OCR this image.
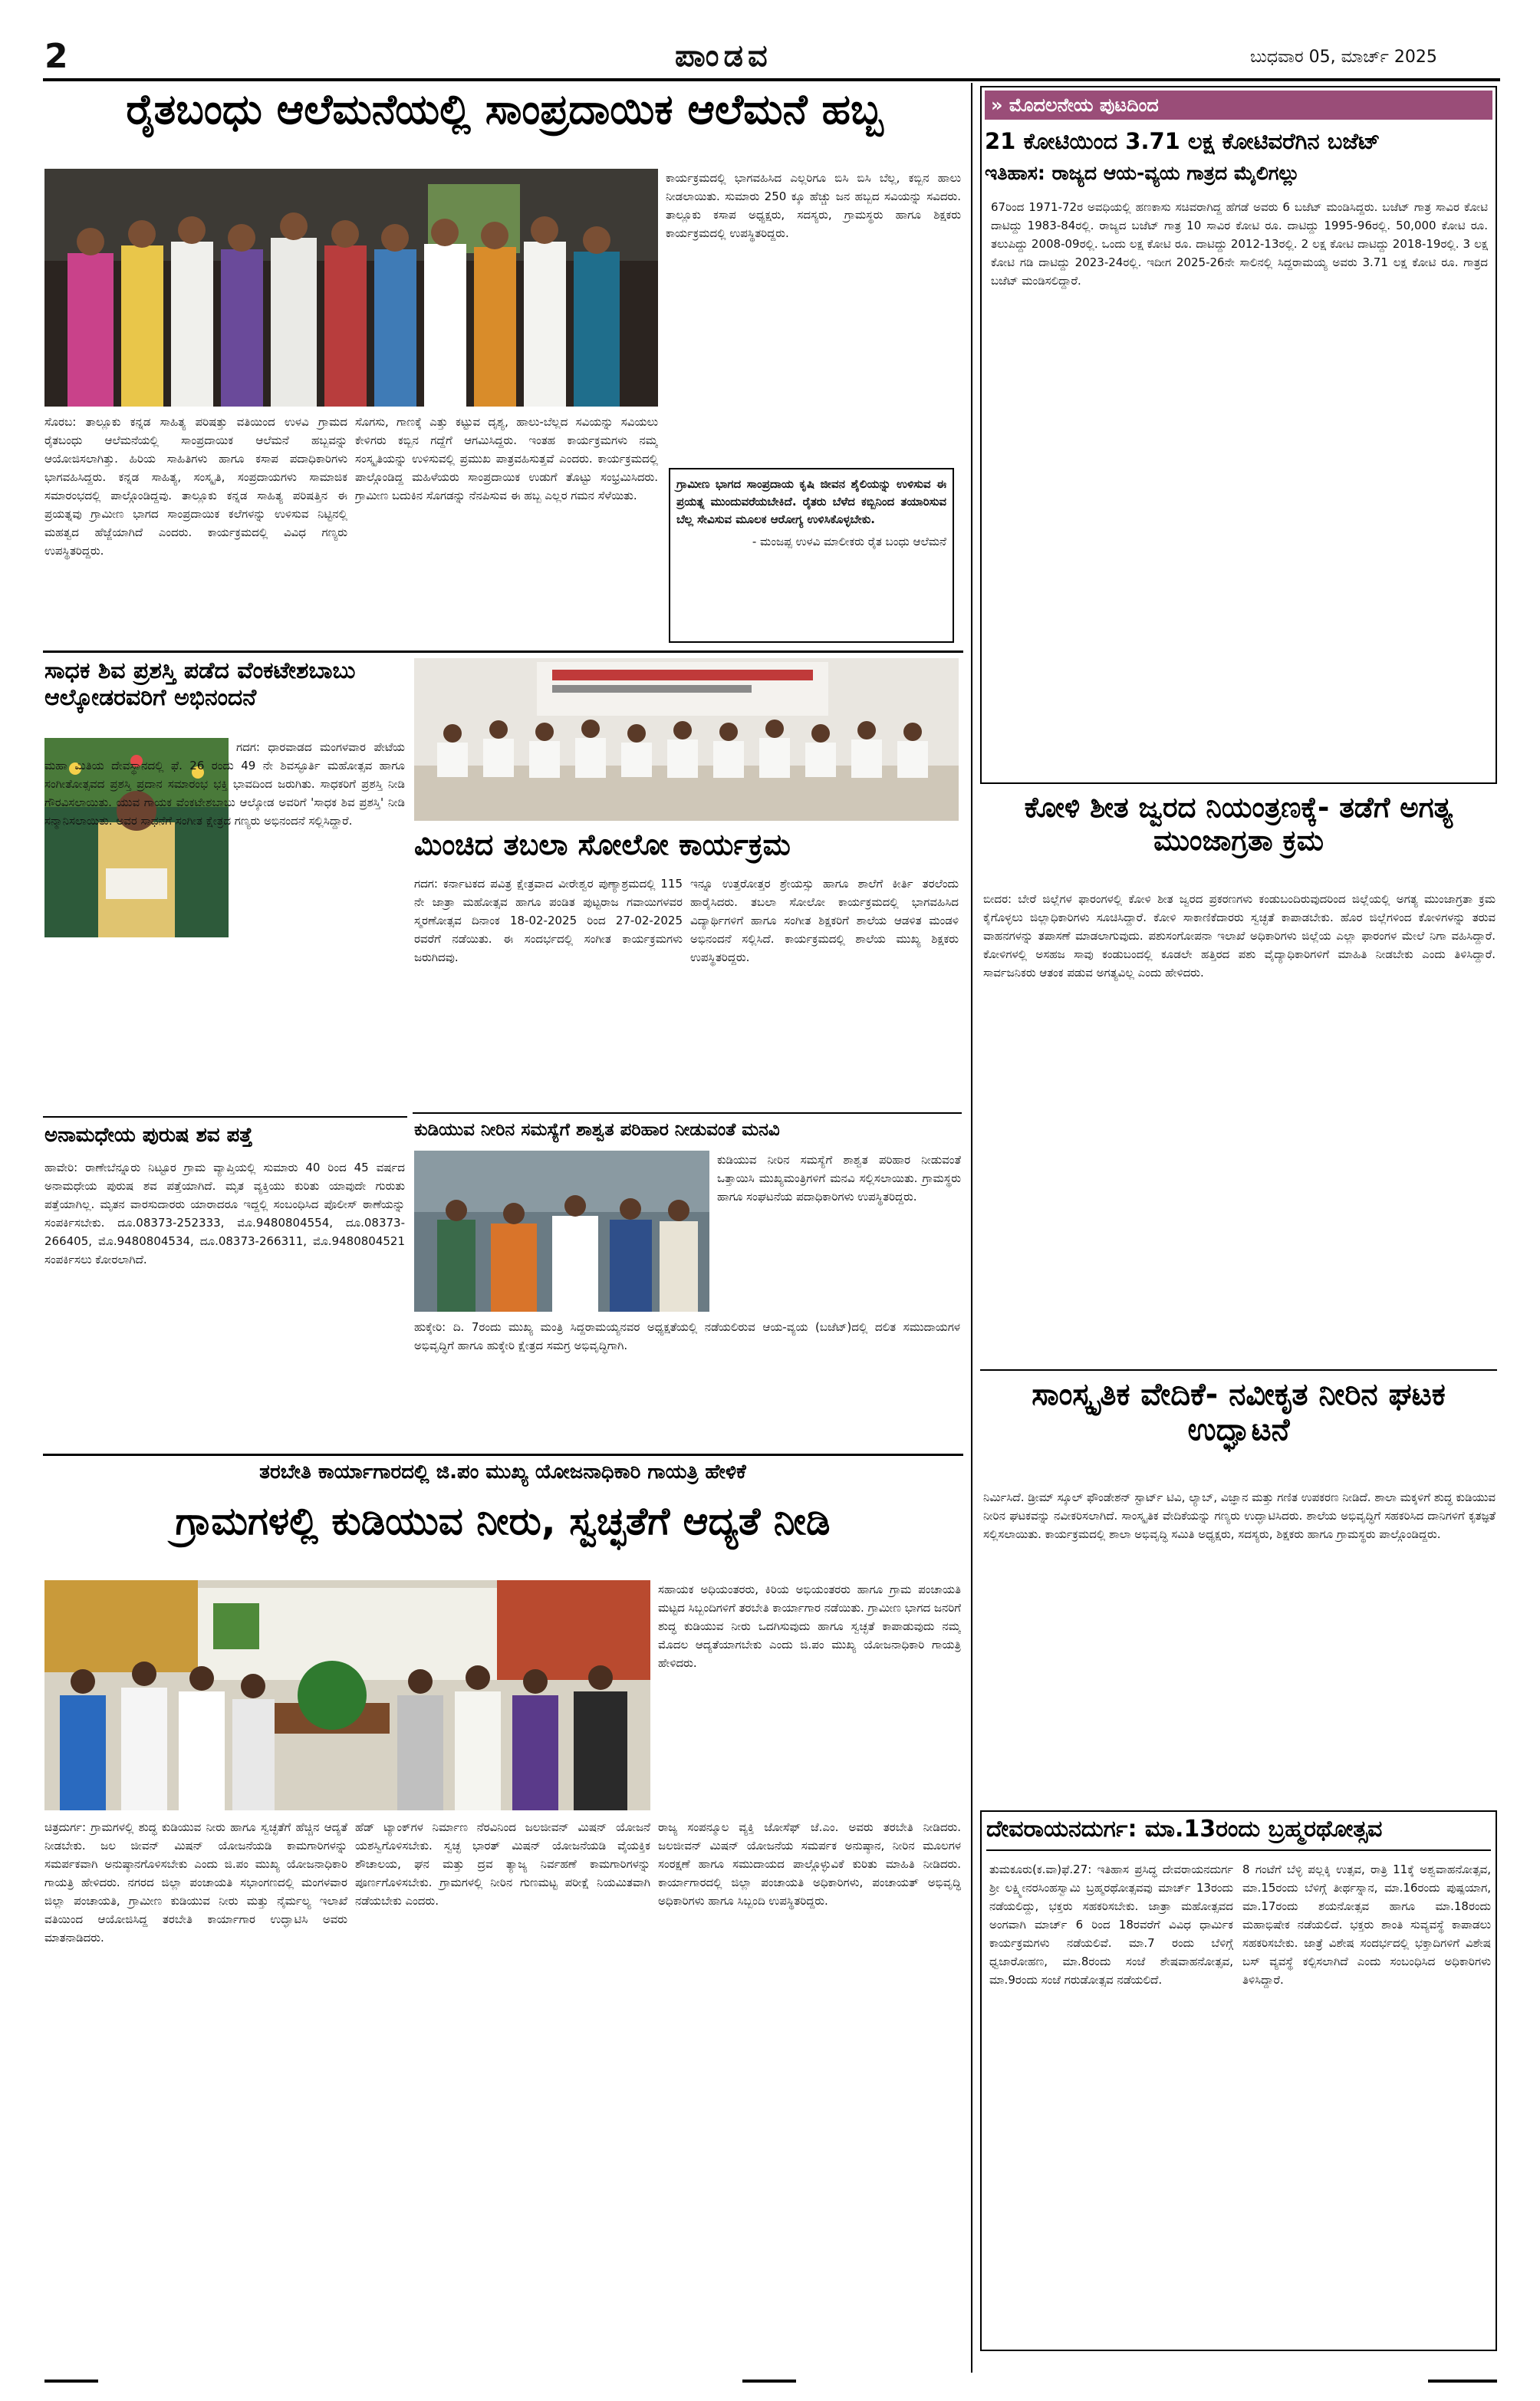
2	ಪಾಂಡವ	ಬುಧವಾರ 05, ಮಾರ್ಚ್ 2025
ರೈತಬಂಧು ಆಲೆಮನೆಯಲ್ಲಿ ಸಾಂಪ್ರದಾಯಿಕ ಆಲೆಮನೆ ಹಬ್ಬ
ಸೊರಬ: ತಾಲ್ಲೂಕು ಕನ್ನಡ ಸಾಹಿತ್ಯ ಪರಿಷತ್ತು ವತಿಯಿಂದ ಉಳವಿ ಗ್ರಾಮದ ರೈತಬಂಧು ಆಲೆಮನೆಯಲ್ಲಿ ಸಾಂಪ್ರದಾಯಿಕ ಆಲೆಮನೆ ಹಬ್ಬವನ್ನು ಆಯೋಜಿಸಲಾಗಿತ್ತು. ಹಿರಿಯ ಸಾಹಿತಿಗಳು ಹಾಗೂ ಕಸಾಪ ಪದಾಧಿಕಾರಿಗಳು ಭಾಗವಹಿಸಿದ್ದರು. ಕನ್ನಡ ಸಾಹಿತ್ಯ, ಸಂಸ್ಕೃತಿ, ಸಂಪ್ರದಾಯಗಳು ಸಾಮಾಜಿಕ ಸಮಾರಂಭದಲ್ಲಿ ಪಾಲ್ಗೊಂಡಿದ್ದವು. ತಾಲ್ಲೂಕು ಕನ್ನಡ ಸಾಹಿತ್ಯ ಪರಿಷತ್ತಿನ ಈ ಪ್ರಯತ್ನವು ಗ್ರಾಮೀಣ ಭಾಗದ ಸಾಂಪ್ರದಾಯಿಕ ಕಲೆಗಳನ್ನು ಉಳಿಸುವ ನಿಟ್ಟಿನಲ್ಲಿ ಮಹತ್ವದ ಹೆಜ್ಜೆಯಾಗಿದೆ ಎಂದರು. ಕಾರ್ಯಕ್ರಮದಲ್ಲಿ ವಿವಿಧ ಗಣ್ಯರು ಉಪಸ್ಥಿತರಿದ್ದರು.
ಸೊಗಸು, ಗಾಣಕ್ಕೆ ಎತ್ತು ಕಟ್ಟುವ ದೃಶ್ಯ, ಹಾಲು-ಬೆಲ್ಲದ ಸವಿಯನ್ನು ಸವಿಯಲು ಕೇಳಿಗರು ಕಬ್ಬಿನ ಗದ್ದೆಗೆ ಆಗಮಿಸಿದ್ದರು. ಇಂತಹ ಕಾರ್ಯಕ್ರಮಗಳು ನಮ್ಮ ಸಂಸ್ಕೃತಿಯನ್ನು ಉಳಿಸುವಲ್ಲಿ ಪ್ರಮುಖ ಪಾತ್ರವಹಿಸುತ್ತವೆ ಎಂದರು. ಕಾರ್ಯಕ್ರಮದಲ್ಲಿ ಪಾಲ್ಗೊಂಡಿದ್ದ ಮಹಿಳೆಯರು ಸಾಂಪ್ರದಾಯಿಕ ಉಡುಗೆ ತೊಟ್ಟು ಸಂಭ್ರಮಿಸಿದರು. ಗ್ರಾಮೀಣ ಬದುಕಿನ ಸೊಗಡನ್ನು ನೆನಪಿಸುವ ಈ ಹಬ್ಬ ಎಲ್ಲರ ಗಮನ ಸೆಳೆಯಿತು.
ಕಾರ್ಯಕ್ರಮದಲ್ಲಿ ಭಾಗವಹಿಸಿದ ಎಲ್ಲರಿಗೂ ಬಿಸಿ ಬಿಸಿ ಬೆಲ್ಲ, ಕಬ್ಬಿನ ಹಾಲು ನೀಡಲಾಯಿತು. ಸುಮಾರು 250 ಕ್ಕೂ ಹೆಚ್ಚು ಜನ ಹಬ್ಬದ ಸವಿಯನ್ನು ಸವಿದರು. ತಾಲ್ಲೂಕು ಕಸಾಪ ಅಧ್ಯಕ್ಷರು, ಸದಸ್ಯರು, ಗ್ರಾಮಸ್ಥರು ಹಾಗೂ ಶಿಕ್ಷಕರು ಕಾರ್ಯಕ್ರಮದಲ್ಲಿ ಉಪಸ್ಥಿತರಿದ್ದರು.
ಗ್ರಾಮೀಣ ಭಾಗದ ಸಾಂಪ್ರದಾಯ ಕೃಷಿ ಜೀವನ ಶೈಲಿಯನ್ನು ಉಳಿಸುವ ಈ ಪ್ರಯತ್ನ ಮುಂದುವರೆಯಬೇಕಿದೆ. ರೈತರು ಬೆಳೆದ ಕಬ್ಬಿನಿಂದ ತಯಾರಿಸುವ ಬೆಲ್ಲ ಸೇವಿಸುವ ಮೂಲಕ ಆರೋಗ್ಯ ಉಳಿಸಿಕೊಳ್ಳಬೇಕು.
- ಮಂಜಪ್ಪ ಉಳವಿ ಮಾಲೀಕರು ರೈತ ಬಂಧು ಆಲೆಮನೆ
ಸಾಧಕ ಶಿವ ಪ್ರಶಸ್ತಿ ಪಡೆದ ವೆಂಕಟೇಶಬಾಬು ಆಲ್ಕೋಡರವರಿಗೆ ಅಭಿನಂದನೆ
ಗದಗ: ಧಾರವಾಡದ ಮಂಗಳವಾರ ಪೇಟೆಯ ಮಹಾ ಮಿತಿಯ ದೇವಸ್ಥಾನದಲ್ಲಿ ಫೆ. 26 ರಂದು 49 ನೇ ಶಿವಸ್ಫೂರ್ತಿ ಮಹೋತ್ಸವ ಹಾಗೂ ಸಂಗೀತೋತ್ಸವದ ಪ್ರಶಸ್ತಿ ಪ್ರದಾನ ಸಮಾರಂಭ ಭಕ್ತಿ ಭಾವದಿಂದ ಜರುಗಿತು. ಸಾಧಕರಿಗೆ ಪ್ರಶಸ್ತಿ ನೀಡಿ ಗೌರವಿಸಲಾಯಿತು. ಯುವ ಗಾಯಕ ವೆಂಕಟೇಶಬಾಬು ಆಲ್ಕೋಡ ಅವರಿಗೆ 'ಸಾಧಕ ಶಿವ ಪ್ರಶಸ್ತಿ' ನೀಡಿ ಸನ್ಮಾನಿಸಲಾಯಿತು. ಅವರ ಸಾಧನೆಗೆ ಸಂಗೀತ ಕ್ಷೇತ್ರದ ಗಣ್ಯರು ಅಭಿನಂದನೆ ಸಲ್ಲಿಸಿದ್ದಾರೆ.
ಮಿಂಚಿದ ತಬಲಾ ಸೋಲೋ ಕಾರ್ಯಕ್ರಮ
ಗದಗ: ಕರ್ನಾಟಕದ ಪವಿತ್ರ ಕ್ಷೇತ್ರವಾದ ವೀರೇಶ್ವರ ಪುಣ್ಯಾಶ್ರಮದಲ್ಲಿ 115 ನೇ ಜಾತ್ರಾ ಮಹೋತ್ಸವ ಹಾಗೂ ಪಂಡಿತ ಪುಟ್ಟರಾಜ ಗವಾಯಿಗಳವರ ಸ್ಮರಣೋತ್ಸವ ದಿನಾಂಕ 18-02-2025 ರಿಂದ 27-02-2025 ರವರೆಗೆ ನಡೆಯಿತು. ಈ ಸಂದರ್ಭದಲ್ಲಿ ಸಂಗೀತ ಕಾರ್ಯಕ್ರಮಗಳು ಜರುಗಿದವು.
ಇನ್ನೂ ಉತ್ತರೋತ್ತರ ಶ್ರೇಯಸ್ಸು ಹಾಗೂ ಶಾಲೆಗೆ ಕೀರ್ತಿ ತರಲೆಂದು ಹಾರೈಸಿದರು. ತಬಲಾ ಸೋಲೋ ಕಾರ್ಯಕ್ರಮದಲ್ಲಿ ಭಾಗವಹಿಸಿದ ವಿದ್ಯಾರ್ಥಿಗಳಿಗೆ ಹಾಗೂ ಸಂಗೀತ ಶಿಕ್ಷಕರಿಗೆ ಶಾಲೆಯ ಆಡಳಿತ ಮಂಡಳಿ ಅಭಿನಂದನೆ ಸಲ್ಲಿಸಿದೆ. ಕಾರ್ಯಕ್ರಮದಲ್ಲಿ ಶಾಲೆಯ ಮುಖ್ಯ ಶಿಕ್ಷಕರು ಉಪಸ್ಥಿತರಿದ್ದರು.
ಅನಾಮಧೇಯ ಪುರುಷ ಶವ ಪತ್ತೆ
ಹಾವೇರಿ: ರಾಣೇಬೆನ್ನೂರು ನಿಟ್ಟೂರ ಗ್ರಾಮ ವ್ಯಾಪ್ತಿಯಲ್ಲಿ ಸುಮಾರು 40 ರಿಂದ 45 ವರ್ಷದ ಅನಾಮಧೇಯ ಪುರುಷ ಶವ ಪತ್ತೆಯಾಗಿದೆ. ಮೃತ ವ್ಯಕ್ತಿಯು ಕುರಿತು ಯಾವುದೇ ಗುರುತು ಪತ್ತೆಯಾಗಿಲ್ಲ. ಮೃತನ ವಾರಸುದಾರರು ಯಾರಾದರೂ ಇದ್ದಲ್ಲಿ ಸಂಬಂಧಿಸಿದ ಪೊಲೀಸ್ ಠಾಣೆಯನ್ನು ಸಂಪರ್ಕಿಸಬೇಕು. ದೂ.08373-252333, ಮೊ.9480804554, ದೂ.08373-266405, ಮೊ.9480804534, ದೂ.08373-266311, ಮೊ.9480804521 ಸಂಪರ್ಕಿಸಲು ಕೋರಲಾಗಿದೆ.
ಕುಡಿಯುವ ನೀರಿನ ಸಮಸ್ಯೆಗೆ ಶಾಶ್ವತ ಪರಿಹಾರ ನೀಡುವಂತೆ ಮನವಿ
ಕುಡಿಯುವ ನೀರಿನ ಸಮಸ್ಯೆಗೆ ಶಾಶ್ವತ ಪರಿಹಾರ ನೀಡುವಂತೆ ಒತ್ತಾಯಿಸಿ ಮುಖ್ಯಮಂತ್ರಿಗಳಿಗೆ ಮನವಿ ಸಲ್ಲಿಸಲಾಯಿತು. ಗ್ರಾಮಸ್ಥರು ಹಾಗೂ ಸಂಘಟನೆಯ ಪದಾಧಿಕಾರಿಗಳು ಉಪಸ್ಥಿತರಿದ್ದರು.
ಹುಕ್ಕೇರಿ: ದಿ. 7ರಂದು ಮುಖ್ಯ ಮಂತ್ರಿ ಸಿದ್ದರಾಮಯ್ಯನವರ ಅಧ್ಯಕ್ಷತೆಯಲ್ಲಿ ನಡೆಯಲಿರುವ ಆಯ-ವ್ಯಯ (ಬಜೆಟ್)ದಲ್ಲಿ ದಲಿತ ಸಮುದಾಯಗಳ ಅಭಿವೃದ್ಧಿಗೆ ಹಾಗೂ ಹುಕ್ಕೇರಿ ಕ್ಷೇತ್ರದ ಸಮಗ್ರ ಅಭಿವೃದ್ಧಿಗಾಗಿ.
ತರಬೇತಿ ಕಾರ್ಯಾಗಾರದಲ್ಲಿ ಜಿ.ಪಂ ಮುಖ್ಯ ಯೋಜನಾಧಿಕಾರಿ ಗಾಯತ್ರಿ ಹೇಳಿಕೆ
ಗ್ರಾಮಗಳಲ್ಲಿ ಕುಡಿಯುವ ನೀರು, ಸ್ವಚ್ಛತೆಗೆ ಆದ್ಯತೆ ನೀಡಿ
ಸಹಾಯಕ ಅಧಿಯಂತರರು, ಕಿರಿಯ ಅಭಿಯಂತರರು ಹಾಗೂ ಗ್ರಾಮ ಪಂಚಾಯತಿ ಮಟ್ಟದ ಸಿಬ್ಬಂದಿಗಳಿಗೆ ತರಬೇತಿ ಕಾರ್ಯಾಗಾರ ನಡೆಯಿತು. ಗ್ರಾಮೀಣ ಭಾಗದ ಜನರಿಗೆ ಶುದ್ಧ ಕುಡಿಯುವ ನೀರು ಒದಗಿಸುವುದು ಹಾಗೂ ಸ್ವಚ್ಛತೆ ಕಾಪಾಡುವುದು ನಮ್ಮ ಮೊದಲ ಆದ್ಯತೆಯಾಗಬೇಕು ಎಂದು ಜಿ.ಪಂ ಮುಖ್ಯ ಯೋಜನಾಧಿಕಾರಿ ಗಾಯತ್ರಿ ಹೇಳಿದರು.
ಚಿತ್ರದುರ್ಗ: ಗ್ರಾಮಗಳಲ್ಲಿ ಶುದ್ಧ ಕುಡಿಯುವ ನೀರು ಹಾಗೂ ಸ್ವಚ್ಛತೆಗೆ ಹೆಚ್ಚಿನ ಆದ್ಯತೆ ನೀಡಬೇಕು. ಜಲ ಜೀವನ್ ಮಿಷನ್ ಯೋಜನೆಯಡಿ ಕಾಮಗಾರಿಗಳನ್ನು ಸಮರ್ಪಕವಾಗಿ ಅನುಷ್ಠಾನಗೊಳಿಸಬೇಕು ಎಂದು ಜಿ.ಪಂ ಮುಖ್ಯ ಯೋಜನಾಧಿಕಾರಿ ಗಾಯತ್ರಿ ಹೇಳಿದರು. ನಗರದ ಜಿಲ್ಲಾ ಪಂಚಾಯತಿ ಸಭಾಂಗಣದಲ್ಲಿ ಮಂಗಳವಾರ ಜಿಲ್ಲಾ ಪಂಚಾಯತಿ, ಗ್ರಾಮೀಣ ಕುಡಿಯುವ ನೀರು ಮತ್ತು ನೈರ್ಮಲ್ಯ ಇಲಾಖೆ ವತಿಯಿಂದ ಆಯೋಜಿಸಿದ್ದ ತರಬೇತಿ ಕಾರ್ಯಾಗಾರ ಉದ್ಘಾಟಿಸಿ ಅವರು ಮಾತನಾಡಿದರು.
ಹೆಡ್ ಟ್ಯಾಂಕ್‌ಗಳ ನಿರ್ಮಾಣ ನೆರವಿನಿಂದ ಜಲಜೀವನ್ ಮಿಷನ್ ಯೋಜನೆ ಯಶಸ್ವಿಗೊಳಿಸಬೇಕು. ಸ್ವಚ್ಛ ಭಾರತ್ ಮಿಷನ್ ಯೋಜನೆಯಡಿ ವೈಯಕ್ತಿಕ ಶೌಚಾಲಯ, ಘನ ಮತ್ತು ದ್ರವ ತ್ಯಾಜ್ಯ ನಿರ್ವಹಣೆ ಕಾಮಗಾರಿಗಳನ್ನು ಪೂರ್ಣಗೊಳಿಸಬೇಕು. ಗ್ರಾಮಗಳಲ್ಲಿ ನೀರಿನ ಗುಣಮಟ್ಟ ಪರೀಕ್ಷೆ ನಿಯಮಿತವಾಗಿ ನಡೆಯಬೇಕು ಎಂದರು.
ರಾಜ್ಯ ಸಂಪನ್ಮೂಲ ವ್ಯಕ್ತಿ ಜೋಸೆಫ್ ಜೆ.ಎಂ. ಅವರು ತರಬೇತಿ ನೀಡಿದರು. ಜಲಜೀವನ್ ಮಿಷನ್ ಯೋಜನೆಯ ಸಮರ್ಪಕ ಅನುಷ್ಠಾನ, ನೀರಿನ ಮೂಲಗಳ ಸಂರಕ್ಷಣೆ ಹಾಗೂ ಸಮುದಾಯದ ಪಾಲ್ಗೊಳ್ಳುವಿಕೆ ಕುರಿತು ಮಾಹಿತಿ ನೀಡಿದರು. ಕಾರ್ಯಾಗಾರದಲ್ಲಿ ಜಿಲ್ಲಾ ಪಂಚಾಯತಿ ಅಧಿಕಾರಿಗಳು, ಪಂಚಾಯತ್ ಅಭಿವೃದ್ಧಿ ಅಧಿಕಾರಿಗಳು ಹಾಗೂ ಸಿಬ್ಬಂದಿ ಉಪಸ್ಥಿತರಿದ್ದರು.
» ಮೊದಲನೇಯ ಪುಟದಿಂದ
21 ಕೋಟಿಯಿಂದ 3.71 ಲಕ್ಷ ಕೋಟಿವರೆಗಿನ ಬಜೆಟ್
ಇತಿಹಾಸ: ರಾಜ್ಯದ ಆಯ-ವ್ಯಯ ಗಾತ್ರದ ಮೈಲಿಗಲ್ಲು
67ರಿಂದ 1971-72ರ ಅವಧಿಯಲ್ಲಿ ಹಣಕಾಸು ಸಚಿವರಾಗಿದ್ದ ಹೆಗಡೆ ಅವರು 6 ಬಜೆಟ್ ಮಂಡಿಸಿದ್ದರು. ಬಜೆಟ್ ಗಾತ್ರ ಸಾವಿರ ಕೋಟಿ ದಾಟಿದ್ದು 1983-84ರಲ್ಲಿ. ರಾಜ್ಯದ ಬಜೆಟ್ ಗಾತ್ರ 10 ಸಾವಿರ ಕೋಟಿ ರೂ. ದಾಟಿದ್ದು 1995-96ರಲ್ಲಿ. 50,000 ಕೋಟಿ ರೂ. ತಲುಪಿದ್ದು 2008-09ರಲ್ಲಿ. ಒಂದು ಲಕ್ಷ ಕೋಟಿ ರೂ. ದಾಟಿದ್ದು 2012-13ರಲ್ಲಿ. 2 ಲಕ್ಷ ಕೋಟಿ ದಾಟಿದ್ದು 2018-19ರಲ್ಲಿ. 3 ಲಕ್ಷ ಕೋಟಿ ಗಡಿ ದಾಟಿದ್ದು 2023-24ರಲ್ಲಿ. ಇದೀಗ 2025-26ನೇ ಸಾಲಿನಲ್ಲಿ ಸಿದ್ದರಾಮಯ್ಯ ಅವರು 3.71 ಲಕ್ಷ ಕೋಟಿ ರೂ. ಗಾತ್ರದ ಬಜೆಟ್ ಮಂಡಿಸಲಿದ್ದಾರೆ.
ಕೋಳಿ ಶೀತ ಜ್ವರದ ನಿಯಂತ್ರಣಕ್ಕೆ- ತಡೆಗೆ ಅಗತ್ಯ ಮುಂಜಾಗ್ರತಾ ಕ್ರಮ
ಬೀದರ: ಬೇರೆ ಜಿಲ್ಲೆಗಳ ಫಾರಂಗಳಲ್ಲಿ ಕೋಳಿ ಶೀತ ಜ್ವರದ ಪ್ರಕರಣಗಳು ಕಂಡುಬಂದಿರುವುದರಿಂದ ಜಿಲ್ಲೆಯಲ್ಲಿ ಅಗತ್ಯ ಮುಂಜಾಗ್ರತಾ ಕ್ರಮ ಕೈಗೊಳ್ಳಲು ಜಿಲ್ಲಾಧಿಕಾರಿಗಳು ಸೂಚಿಸಿದ್ದಾರೆ. ಕೋಳಿ ಸಾಕಾಣಿಕೆದಾರರು ಸ್ವಚ್ಛತೆ ಕಾಪಾಡಬೇಕು. ಹೊರ ಜಿಲ್ಲೆಗಳಿಂದ ಕೋಳಿಗಳನ್ನು ತರುವ ವಾಹನಗಳನ್ನು ತಪಾಸಣೆ ಮಾಡಲಾಗುವುದು. ಪಶುಸಂಗೋಪನಾ ಇಲಾಖೆ ಅಧಿಕಾರಿಗಳು ಜಿಲ್ಲೆಯ ಎಲ್ಲಾ ಫಾರಂಗಳ ಮೇಲೆ ನಿಗಾ ವಹಿಸಿದ್ದಾರೆ. ಕೋಳಿಗಳಲ್ಲಿ ಅಸಹಜ ಸಾವು ಕಂಡುಬಂದಲ್ಲಿ ಕೂಡಲೇ ಹತ್ತಿರದ ಪಶು ವೈದ್ಯಾಧಿಕಾರಿಗಳಿಗೆ ಮಾಹಿತಿ ನೀಡಬೇಕು ಎಂದು ತಿಳಿಸಿದ್ದಾರೆ. ಸಾರ್ವಜನಿಕರು ಆತಂಕ ಪಡುವ ಅಗತ್ಯವಿಲ್ಲ ಎಂದು ಹೇಳಿದರು.
ಸಾಂಸ್ಕೃತಿಕ ವೇದಿಕೆ- ನವೀಕೃತ ನೀರಿನ ಘಟಕ ಉದ್ಘಾಟನೆ
ನಿರ್ಮಿಸಿದೆ. ಡ್ರೀಮ್ ಸ್ಕೂಲ್ ಫೌಂಡೇಶನ್ ಸ್ಟಾರ್ಟ್ ಟಿವಿ, ಲ್ಯಾಬ್, ವಿಜ್ಞಾನ ಮತ್ತು ಗಣಿತ ಉಪಕರಣ ನೀಡಿದೆ. ಶಾಲಾ ಮಕ್ಕಳಿಗೆ ಶುದ್ಧ ಕುಡಿಯುವ ನೀರಿನ ಘಟಕವನ್ನು ನವೀಕರಿಸಲಾಗಿದೆ. ಸಾಂಸ್ಕೃತಿಕ ವೇದಿಕೆಯನ್ನು ಗಣ್ಯರು ಉದ್ಘಾಟಿಸಿದರು. ಶಾಲೆಯ ಅಭಿವೃದ್ಧಿಗೆ ಸಹಕರಿಸಿದ ದಾನಿಗಳಿಗೆ ಕೃತಜ್ಞತೆ ಸಲ್ಲಿಸಲಾಯಿತು. ಕಾರ್ಯಕ್ರಮದಲ್ಲಿ ಶಾಲಾ ಅಭಿವೃದ್ಧಿ ಸಮಿತಿ ಅಧ್ಯಕ್ಷರು, ಸದಸ್ಯರು, ಶಿಕ್ಷಕರು ಹಾಗೂ ಗ್ರಾಮಸ್ಥರು ಪಾಲ್ಗೊಂಡಿದ್ದರು.
ದೇವರಾಯನದುರ್ಗ: ಮಾ.13ರಂದು ಬ್ರಹ್ಮರಥೋತ್ಸವ
ತುಮಕೂರು(ಕ.ವಾ)ಫೆ.27: ಇತಿಹಾಸ ಪ್ರಸಿದ್ಧ ದೇವರಾಯನದುರ್ಗ ಶ್ರೀ ಲಕ್ಷ್ಮೀನರಸಿಂಹಸ್ವಾಮಿ ಬ್ರಹ್ಮರಥೋತ್ಸವವು ಮಾರ್ಚ್ 13ರಂದು ನಡೆಯಲಿದ್ದು, ಭಕ್ತರು ಸಹಕರಿಸಬೇಕು. ಜಾತ್ರಾ ಮಹೋತ್ಸವದ ಅಂಗವಾಗಿ ಮಾರ್ಚ್ 6 ರಿಂದ 18ರವರೆಗೆ ವಿವಿಧ ಧಾರ್ಮಿಕ ಕಾರ್ಯಕ್ರಮಗಳು ನಡೆಯಲಿವೆ. ಮಾ.7 ರಂದು ಬೆಳಿಗ್ಗೆ ಧ್ವಜಾರೋಹಣ, ಮಾ.8ರಂದು ಸಂಜೆ ಶೇಷವಾಹನೋತ್ಸವ, ಮಾ.9ರಂದು ಸಂಜೆ ಗರುಡೋತ್ಸವ ನಡೆಯಲಿದೆ.
8 ಗಂಟೆಗೆ ಬೆಳ್ಳಿ ಪಲ್ಲಕ್ಕಿ ಉತ್ಸವ, ರಾತ್ರಿ 11ಕ್ಕೆ ಅಶ್ವವಾಹನೋತ್ಸವ, ಮಾ.15ರಂದು ಬೆಳಿಗ್ಗೆ ತೀರ್ಥಸ್ನಾನ, ಮಾ.16ರಂದು ಪುಷ್ಪಯಾಗ, ಮಾ.17ರಂದು ಶಯನೋತ್ಸವ ಹಾಗೂ ಮಾ.18ರಂದು ಮಹಾಭಿಷೇಕ ನಡೆಯಲಿದೆ. ಭಕ್ತರು ಶಾಂತಿ ಸುವ್ಯವಸ್ಥೆ ಕಾಪಾಡಲು ಸಹಕರಿಸಬೇಕು. ಜಾತ್ರೆ ವಿಶೇಷ ಸಂದರ್ಭದಲ್ಲಿ ಭಕ್ತಾದಿಗಳಿಗೆ ವಿಶೇಷ ಬಸ್ ವ್ಯವಸ್ಥೆ ಕಲ್ಪಿಸಲಾಗಿದೆ ಎಂದು ಸಂಬಂಧಿಸಿದ ಅಧಿಕಾರಿಗಳು ತಿಳಿಸಿದ್ದಾರೆ.
